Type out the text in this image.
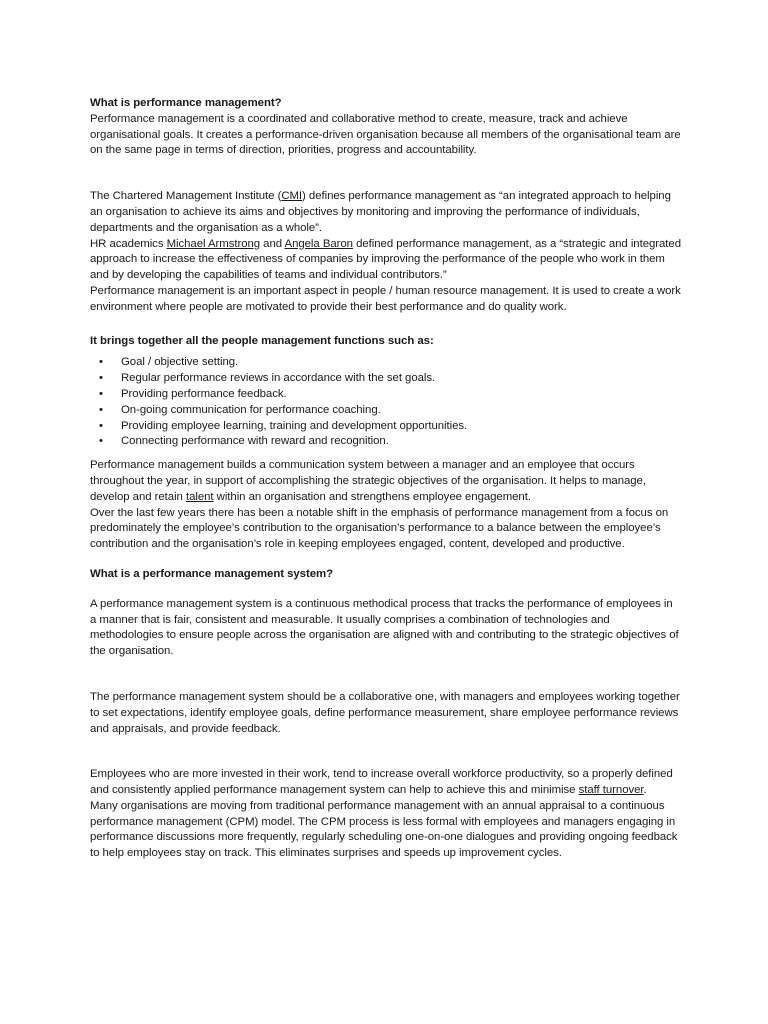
What is performance management?

Performance management is a coordinated and collaborative method to create, measure, track and achieve organisational goals. It creates a performance-driven organisation because all members of the organisational team are on the same page in terms of direction, priorities, progress and accountability.

The Chartered Management Institute (CMI) defines performance management as “an integrated approach to helping an organisation to achieve its aims and objectives by monitoring and improving the performance of individuals, departments and the organisation as a whole”.

HR academics Michael Armstrong and Angela Baron defined performance management, as a “strategic and integrated approach to increase the effectiveness of companies by improving the performance of the people who work in them and by developing the capabilities of teams and individual contributors.”

Performance management is an important aspect in people / human resource management. It is used to create a work environment where people are motivated to provide their best performance and do quality work.

It brings together all the people management functions such as:

• Goal / objective setting.
• Regular performance reviews in accordance with the set goals.
• Providing performance feedback.
• On-going communication for performance coaching.
• Providing employee learning, training and development opportunities.
• Connecting performance with reward and recognition.

Performance management builds a communication system between a manager and an employee that occurs throughout the year, in support of accomplishing the strategic objectives of the organisation. It helps to manage, develop and retain talent within an organisation and strengthens employee engagement.

Over the last few years there has been a notable shift in the emphasis of performance management from a focus on predominately the employee’s contribution to the organisation’s performance to a balance between the employee’s contribution and the organisation’s role in keeping employees engaged, content, developed and productive.

What is a performance management system?

A performance management system is a continuous methodical process that tracks the performance of employees in a manner that is fair, consistent and measurable. It usually comprises a combination of technologies and methodologies to ensure people across the organisation are aligned with and contributing to the strategic objectives of the organisation.

The performance management system should be a collaborative one, with managers and employees working together to set expectations, identify employee goals, define performance measurement, share employee performance reviews and appraisals, and provide feedback.

Employees who are more invested in their work, tend to increase overall workforce productivity, so a properly defined and consistently applied performance management system can help to achieve this and minimise staff turnover.

Many organisations are moving from traditional performance management with an annual appraisal to a continuous performance management (CPM) model. The CPM process is less formal with employees and managers engaging in performance discussions more frequently, regularly scheduling one-on-one dialogues and providing ongoing feedback to help employees stay on track. This eliminates surprises and speeds up improvement cycles.
